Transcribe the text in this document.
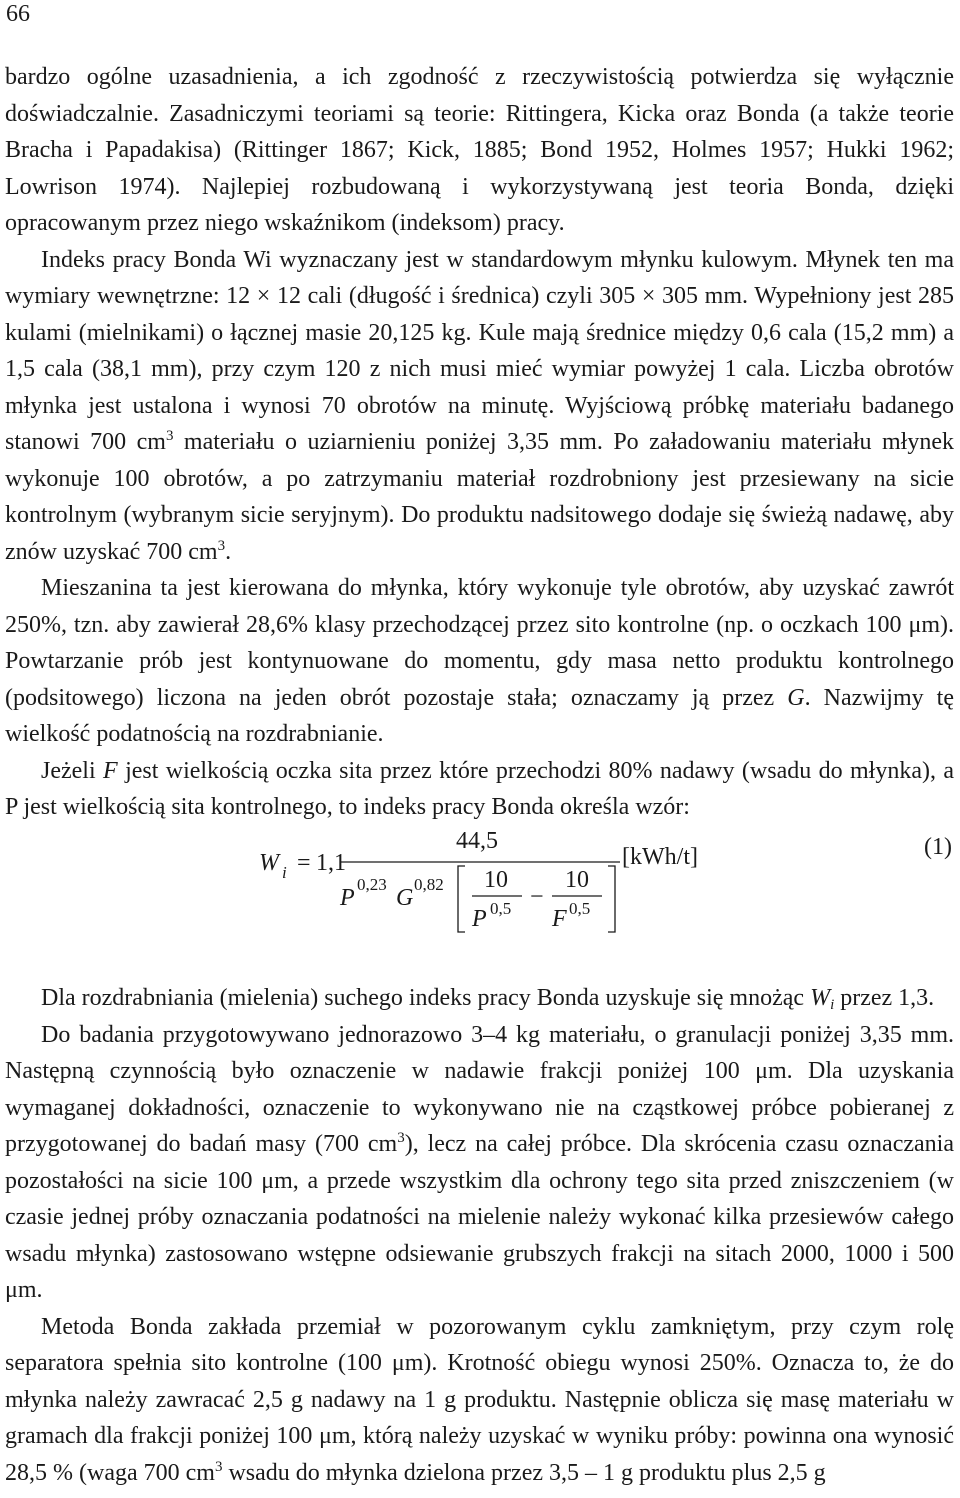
66

bardzo ogólne uzasadnienia, a ich zgodność z rzeczywistością potwierdza się wyłącznie doświadczalnie. Zasadniczymi teoriami są teorie: Rittingera, Kicka oraz Bonda (a także teorie Bracha i Papadakisa) (Rittinger 1867; Kick, 1885; Bond 1952, Holmes 1957; Hukki 1962; Lowrison 1974). Najlepiej rozbudowaną i wykorzystywaną jest teoria Bonda, dzięki opracowanym przez niego wskaźnikom (indeksom) pracy.

Indeks pracy Bonda Wi wyznaczany jest w standardowym młynku kulowym. Młynek ten ma wymiary wewnętrzne: 12 × 12 cali (długość i średnica) czyli 305 × 305 mm. Wypełniony jest 285 kulami (mielnikami) o łącznej masie 20,125 kg. Kule mają średnice między 0,6 cala (15,2 mm) a 1,5 cala (38,1 mm), przy czym 120 z nich musi mieć wymiar powyżej 1 cala. Liczba obrotów młynka jest ustalona i wynosi 70 obrotów na minutę. Wyjściową próbkę materiału badanego stanowi 700 $cm^3$ materiału o uziarnieniu poniżej 3,35 mm. Po załadowaniu materiału młynek wykonuje 100 obrotów, a po zatrzymaniu materiał rozdrobniony jest przesiewany na sicie kontrolnym (wybranym sicie seryjnym). Do produktu nadsitowego dodaje się świeżą nadawę, aby znów uzyskać 700 $cm^3$.

Mieszanina ta jest kierowana do młynka, który wykonuje tyle obrotów, aby uzyskać zawrót 250%, tzn. aby zawierał 28,6% klasy przechodzącej przez sito kontrolne (np. o oczkach 100 μm). Powtarzanie prób jest kontynuowane do momentu, gdy masa netto produktu kontrolnego (podsitowego) liczona na jeden obrót pozostaje stała; oznaczamy ją przez G. Nazwijmy tę wielkość podatnością na rozdrabnianie.

Jeżeli F jest wielkością oczka sita przez które przechodzi 80% nadawy (wsadu do młynka), a P jest wielkością sita kontrolnego, to indeks pracy Bonda określa wzór:

W i = 1,1
44,5
P
0,23
G
0,82 10
P 0,5 −
10
F 0,5
[kWh/t]	(1)

Dla rozdrabniania (mielenia) suchego indeks pracy Bonda uzyskuje się mnożąc $W_i$ przez 1,3.

Do badania przygotowywano jednorazowo 3–4 kg materiału, o granulacji poniżej 3,35 mm. Następną czynnością było oznaczenie w nadawie frakcji poniżej 100 μm. Dla uzyskania wymaganej dokładności, oznaczenie to wykonywano nie na cząstkowej próbce pobieranej z przygotowanej do badań masy (700 $cm^3$), lecz na całej próbce. Dla skrócenia czasu oznaczania pozostałości na sicie 100 μm, a przede wszystkim dla ochrony tego sita przed zniszczeniem (w czasie jednej próby oznaczania podatności na mielenie należy wykonać kilka przesiewów całego wsadu młynka) zastosowano wstępne odsiewanie grubszych frakcji na sitach 2000, 1000 i 500 μm.

Metoda Bonda zakłada przemiał w pozorowanym cyklu zamkniętym, przy czym rolę separatora spełnia sito kontrolne (100 μm). Krotność obiegu wynosi 250%. Oznacza to, że do młynka należy zawracać 2,5 g nadawy na 1 g produktu. Następnie oblicza się masę materiału w gramach dla frakcji poniżej 100 μm, którą należy uzyskać w wyniku próby: powinna ona wynosić 28,5 % (waga 700 $cm^3$ wsadu do młynka dzielona przez 3,5 – 1 g produktu plus 2,5 g
